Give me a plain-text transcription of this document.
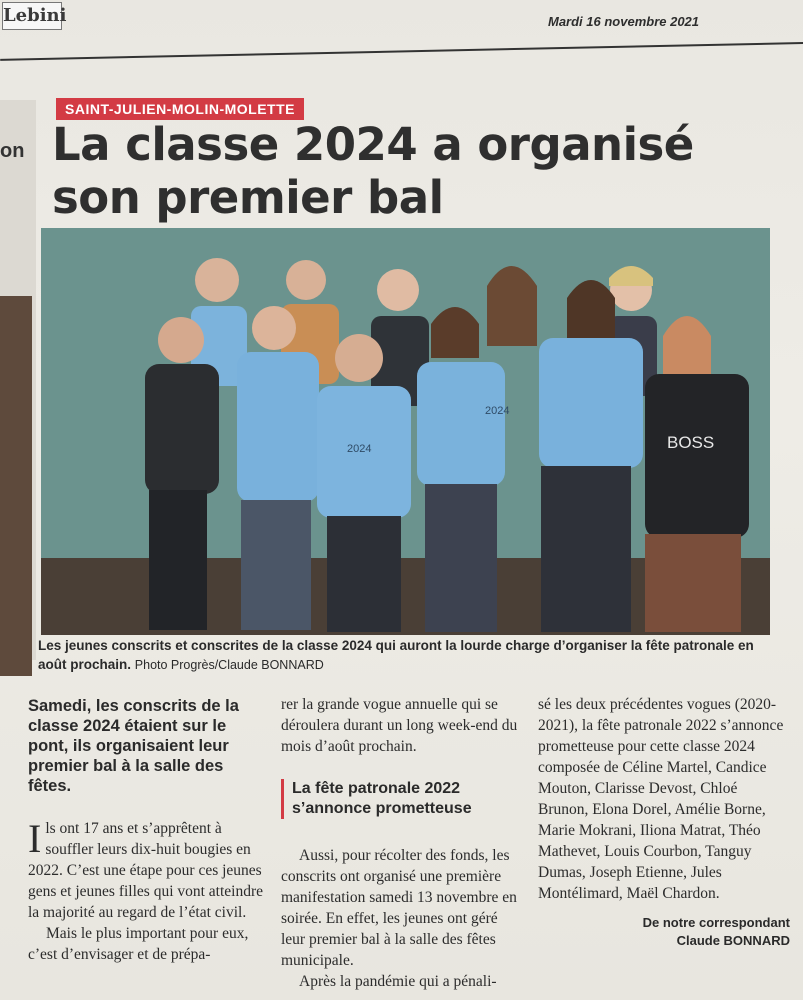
Lebini	Mardi 16 novembre 2021
on
SAINT-JULIEN-MOLIN-MOLETTE
La classe 2024 a organisé son premier bal
2024
2024
BOSS
Les jeunes conscrits et conscrites de la classe 2024 qui auront la lourde charge d’organiser la fête patronale en août prochain. Photo Progrès/Claude BONNARD

Samedi, les conscrits de la classe 2024 étaient sur le pont, ils organisaient leur premier bal à la salle des fêtes.

Ils ont 17 ans et s’apprêtent à souffler leurs dix-huit bougies en 2022. C’est une étape pour ces jeunes gens et jeunes filles qui vont atteindre la majorité au regard de l’état civil.

Mais le plus important pour eux, c’est d’envisager et de prépa-

rer la grande vogue annuelle qui se déroulera durant un long week-end du mois d’août prochain.

La fête patronale 2022 s’annonce prometteuse

Aussi, pour récolter des fonds, les conscrits ont organisé une première manifestation samedi 13 novembre en soirée. En effet, les jeunes ont géré leur premier bal à la salle des fêtes municipale.

Après la pandémie qui a pénali-

sé les deux précédentes vogues (2020-2021), la fête patronale 2022 s’annonce prometteuse pour cette classe 2024 composée de Céline Martel, Candice Mouton, Clarisse Devost, Chloé Brunon, Elona Dorel, Amélie Borne, Marie Mokrani, Iliona Matrat, Théo Mathevet, Louis Courbon, Tanguy Dumas, Joseph Etienne, Jules Montélimard, Maël Chardon.

De notre correspondant
Claude BONNARD
